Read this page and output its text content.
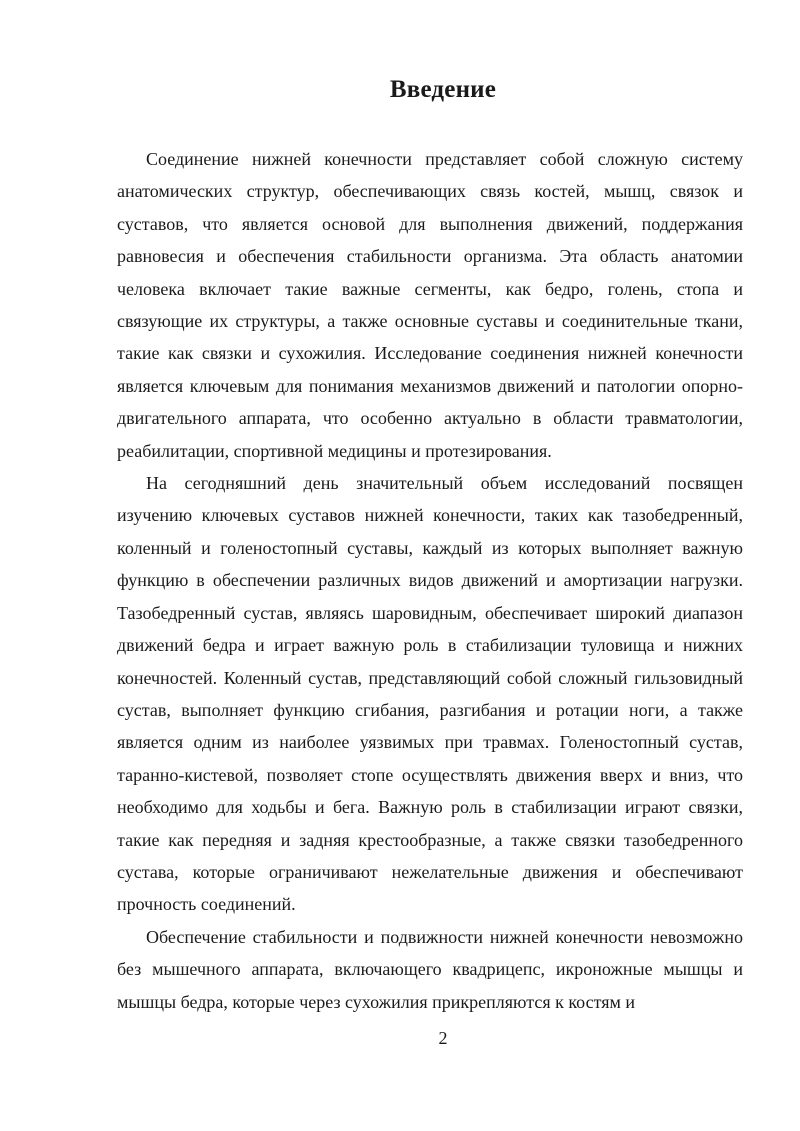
Введение

Соединение нижней конечности представляет собой сложную систему анатомических структур, обеспечивающих связь костей, мышц, связок и суставов, что является основой для выполнения движений, поддержания равновесия и обеспечения стабильности организма. Эта область анатомии человека включает такие важные сегменты, как бедро, голень, стопа и связующие их структуры, а также основные суставы и соединительные ткани, такие как связки и сухожилия. Исследование соединения нижней конечности является ключевым для понимания механизмов движений и патологии опорно-двигательного аппарата, что особенно актуально в области травматологии, реабилитации, спортивной медицины и протезирования.

На сегодняшний день значительный объем исследований посвящен изучению ключевых суставов нижней конечности, таких как тазобедренный, коленный и голеностопный суставы, каждый из которых выполняет важную функцию в обеспечении различных видов движений и амортизации нагрузки. Тазобедренный сустав, являясь шаровидным, обеспечивает широкий диапазон движений бедра и играет важную роль в стабилизации туловища и нижних конечностей. Коленный сустав, представляющий собой сложный гильзовидный сустав, выполняет функцию сгибания, разгибания и ротации ноги, а также является одним из наиболее уязвимых при травмах. Голеностопный сустав, таранно-кистевой, позволяет стопе осуществлять движения вверх и вниз, что необходимо для ходьбы и бега. Важную роль в стабилизации играют связки, такие как передняя и задняя крестообразные, а также связки тазобедренного сустава, которые ограничивают нежелательные движения и обеспечивают прочность соединений.

Обеспечение стабильности и подвижности нижней конечности невозможно без мышечного аппарата, включающего квадрицепс, икроножные мышцы и мышцы бедра, которые через сухожилия прикрепляются к костям и

2
